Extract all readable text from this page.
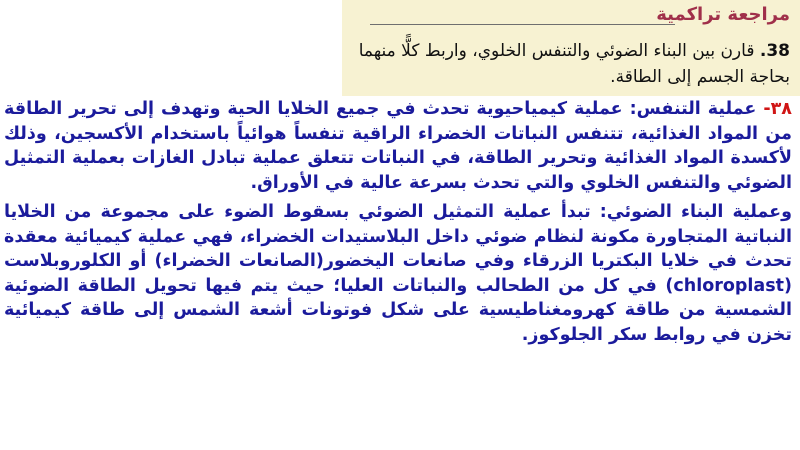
مراجعة تراكمية

38. قارن بين البناء الضوئي والتنفس الخلوي، واربط كلًّا منهما بحاجة الجسم إلى الطاقة.

٣٨- عملية التنفس: عملية كيمياحيوية تحدث في جميع الخلايا الحية وتهدف إلى تحرير الطاقة من المواد الغذائية، تتنفس النباتات الخضراء الراقية تنفساً هوائياً باستخدام الأكسجين، وذلك لأكسدة المواد الغذائية وتحرير الطاقة، في النباتات تتعلق عملية تبادل الغازات بعملية التمثيل الضوئي والتنفس الخلوي والتي تحدث بسرعة عالية في الأوراق.

وعملية البناء الضوئي: تبدأ عملية التمثيل الضوئي بسقوط الضوء على مجموعة من الخلايا النباتية المتجاورة مكونة لنظام ضوئي داخل البلاستيدات الخضراء، فهي عملية كيميائية معقدة تحدث في خلايا البكتريا الزرقاء وفي صانعات اليخضور(الصانعات الخضراء) أو الكلوروبلاست (chloroplast) في كل من الطحالب والنباتات العليا؛ حيث يتم فيها تحويل الطاقة الضوئية الشمسية من طاقة كهرومغناطيسية على شكل فوتونات أشعة الشمس إلى طاقة كيميائية تخزن في روابط سكر الجلوكوز.
